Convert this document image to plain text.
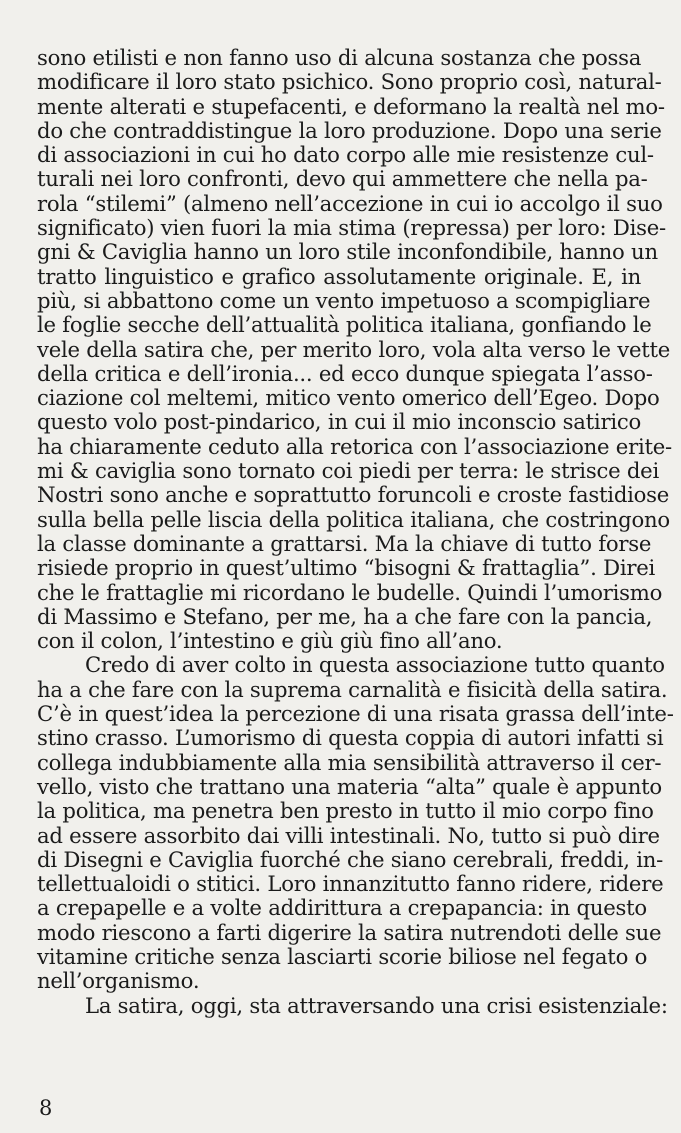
sono etilisti e non fanno uso di alcuna sostanza che possa
modificare il loro stato psichico. Sono proprio così, natural-
mente alterati e stupefacenti, e deformano la realtà nel mo-
do che contraddistingue la loro produzione. Dopo una serie
di associazioni in cui ho dato corpo alle mie resistenze cul-
turali nei loro confronti, devo qui ammettere che nella pa-
rola “stilemi” (almeno nell’accezione in cui io accolgo il suo
significato) vien fuori la mia stima (repressa) per loro: Dise-
gni & Caviglia hanno un loro stile inconfondibile, hanno un
tratto linguistico e grafico assolutamente originale. E, in
più, si abbattono come un vento impetuoso a scompigliare
le foglie secche dell’attualità politica italiana, gonfiando le
vele della satira che, per merito loro, vola alta verso le vette
della critica e dell’ironia... ed ecco dunque spiegata l’asso-
ciazione col meltemi, mitico vento omerico dell’Egeo. Dopo
questo volo post-pindarico, in cui il mio inconscio satirico
ha chiaramente ceduto alla retorica con l’associazione erite-
mi & caviglia sono tornato coi piedi per terra: le strisce dei
Nostri sono anche e soprattutto foruncoli e croste fastidiose
sulla bella pelle liscia della politica italiana, che costringono
la classe dominante a grattarsi. Ma la chiave di tutto forse
risiede proprio in quest’ultimo “bisogni & frattaglia”. Direi
che le frattaglie mi ricordano le budelle. Quindi l’umorismo
di Massimo e Stefano, per me, ha a che fare con la pancia,
con il colon, l’intestino e giù giù fino all’ano.
Credo di aver colto in questa associazione tutto quanto
ha a che fare con la suprema carnalità e fisicità della satira.
C’è in quest’idea la percezione di una risata grassa dell’inte-
stino crasso. L’umorismo di questa coppia di autori infatti si
collega indubbiamente alla mia sensibilità attraverso il cer-
vello, visto che trattano una materia “alta” quale è appunto
la politica, ma penetra ben presto in tutto il mio corpo fino
ad essere assorbito dai villi intestinali. No, tutto si può dire
di Disegni e Caviglia fuorché che siano cerebrali, freddi, in-
tellettualoidi o stitici. Loro innanzitutto fanno ridere, ridere
a crepapelle e a volte addirittura a crepapancia: in questo
modo riescono a farti digerire la satira nutrendoti delle sue
vitamine critiche senza lasciarti scorie biliose nel fegato o
nell’organismo.
La satira, oggi, sta attraversando una crisi esistenziale:
8
